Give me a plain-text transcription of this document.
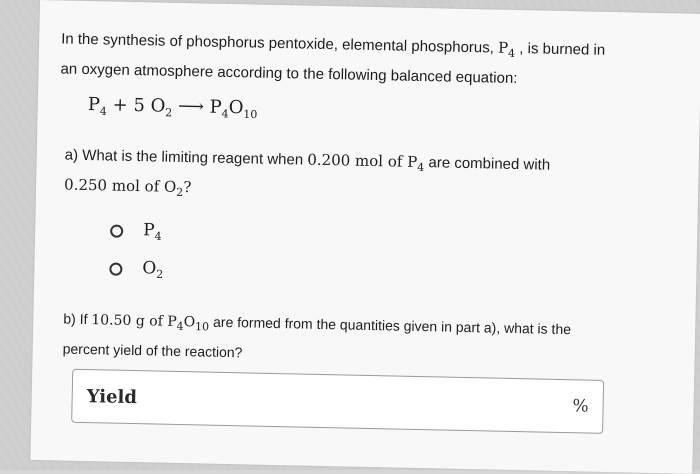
In the synthesis of phosphorus pentoxide, elemental phosphorus, $P_4$ , is burned in
an oxygen atmosphere according to the following balanced equation:
$P_4 + 5$ $O_2$ ⟶ $P_4O_{10}$
a) What is the limiting reagent when 0.200 mol of $P_4$ are combined with
0.250 mol of $O_2$?
$P_4$
$O_2$
b) If 10.50 g of $P_4O_{10}$ are formed from the quantities given in part a), what is the
percent yield of the reaction?
Yield	%
